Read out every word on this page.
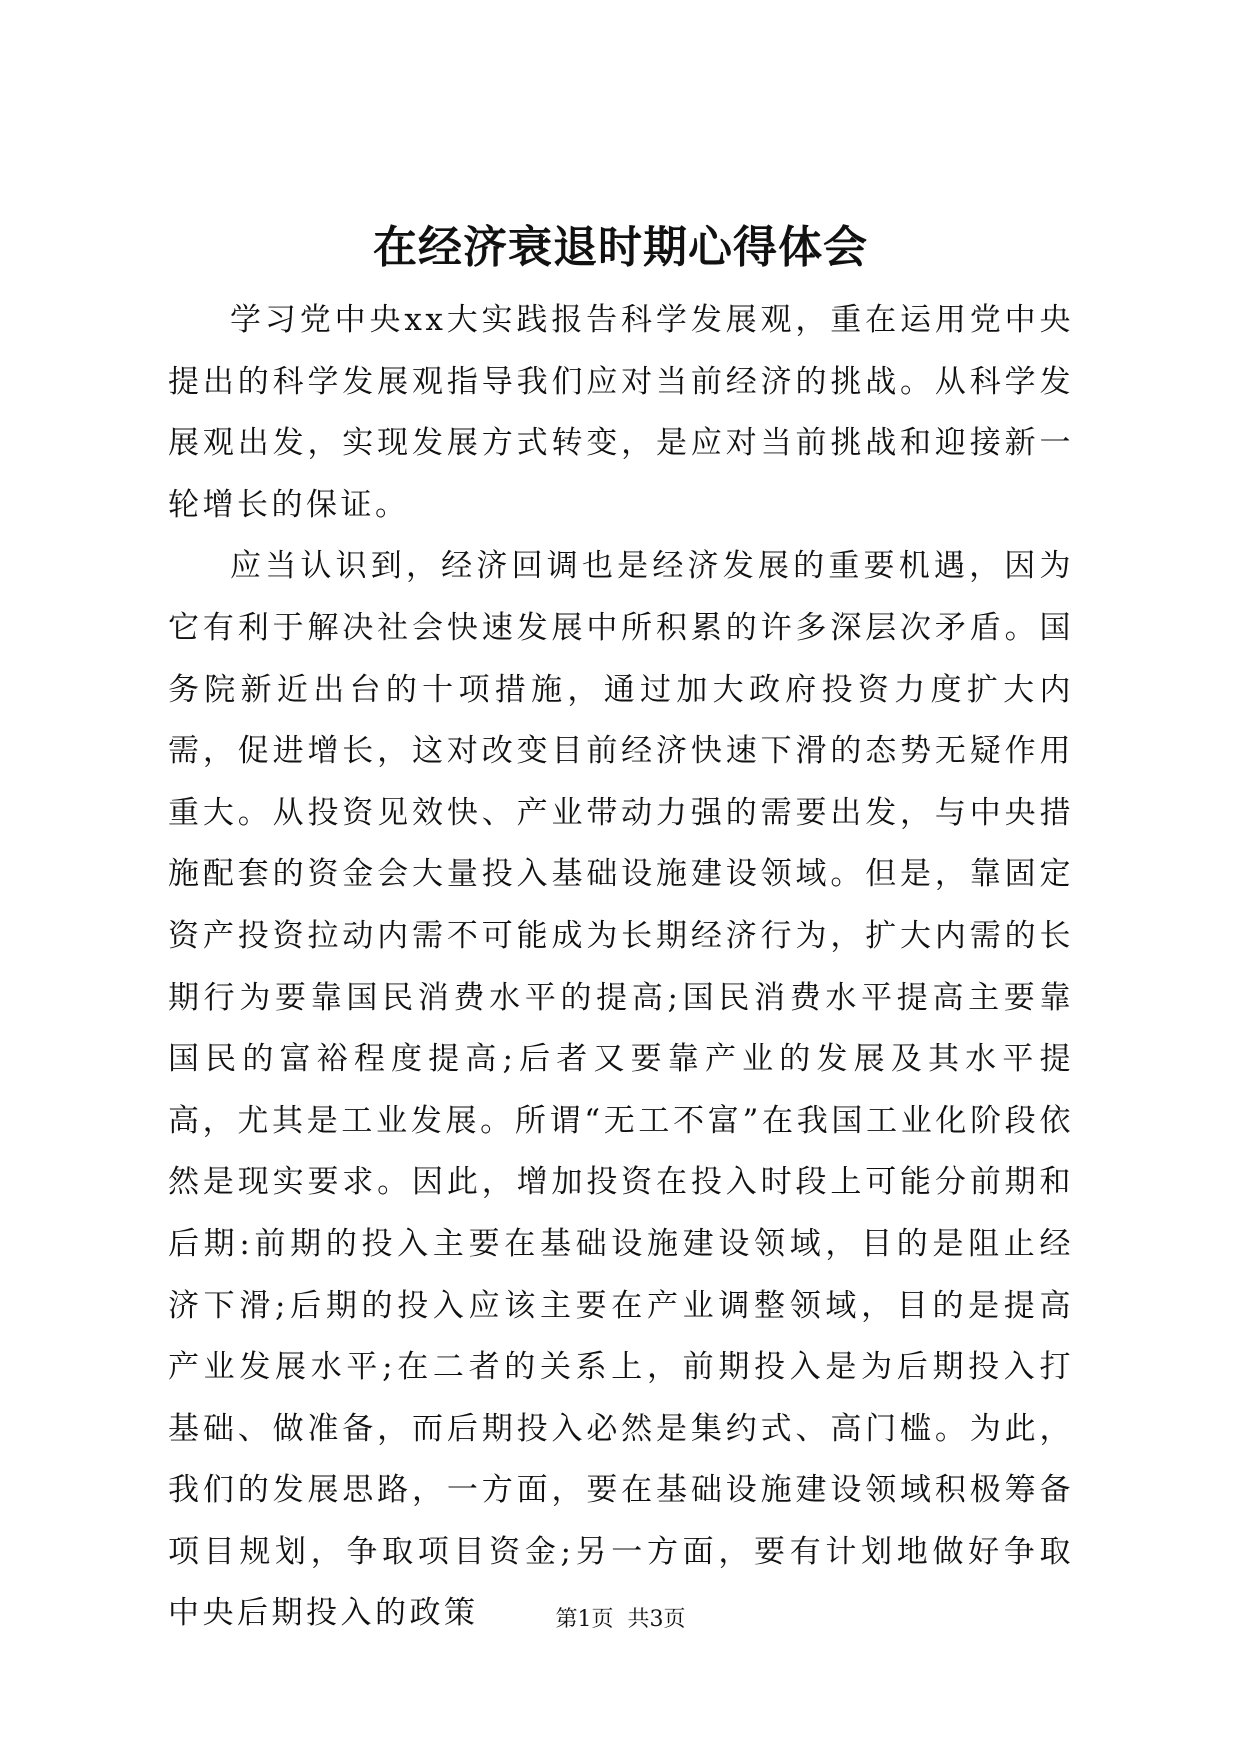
在经济衰退时期心得体会

学习党中央xx大实践报告科学发展观，重在运用党中央提出的科学发展观指导我们应对当前经济的挑战。从科学发展观出发，实现发展方式转变，是应对当前挑战和迎接新一轮增长的保证。

应当认识到，经济回调也是经济发展的重要机遇，因为它有利于解决社会快速发展中所积累的许多深层次矛盾。国务院新近出台的十项措施，通过加大政府投资力度扩大内需，促进增长，这对改变目前经济快速下滑的态势无疑作用重大。从投资见效快、产业带动力强的需要出发，与中央措施配套的资金会大量投入基础设施建设领域。但是，靠固定资产投资拉动内需不可能成为长期经济行为，扩大内需的长期行为要靠国民消费水平的提高;国民消费水平提高主要靠国民的富裕程度提高;后者又要靠产业的发展及其水平提高，尤其是工业发展。所谓“无工不富”在我国工业化阶段依然是现实要求。因此，增加投资在投入时段上可能分前期和后期:前期的投入主要在基础设施建设领域，目的是阻止经济下滑;后期的投入应该主要在产业调整领域，目的是提高产业发展水平;在二者的关系上，前期投入是为后期投入打基础、做准备，而后期投入必然是集约式、高门槛。为此，我们的发展思路，一方面，要在基础设施建设领域积极筹备项目规划，争取项目资金;另一方面，要有计划地做好争取中央后期投入的政策	第1页 共3页
